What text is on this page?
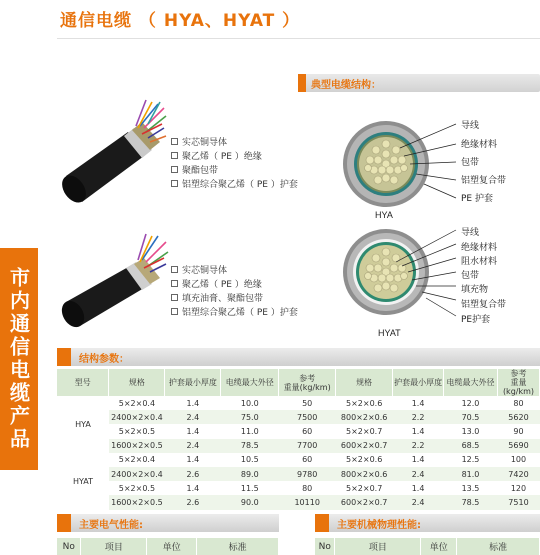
通信电缆 （ HYA、HYAT ）
市内通信电缆产品
实芯铜导体
聚乙烯（ PE ）绝缘
聚酯包带
铝塑综合聚乙烯（ PE ）护套
实芯铜导体
聚乙烯（ PE ）绝缘
填充油膏、聚酯包带
铝塑综合聚乙烯（ PE ）护套
典型电缆结构：
导线
绝缘材料
包带
铝塑复合带
PE 护套
HYA
导线
绝缘材料
阻水材料
包带
填充物
铝塑复合带
PE护套
HYAT
结构参数：
型号	规格	护套最小厚度	电缆最大外径	参考
重量(kg/km)	规格	护套最小厚度	电缆最大外径	参考
重量(kg/km)
HYA	5×2×0.4	1.4	10.0	50	5×2×0.6	1.4	12.0	80
	2400×2×0.4	2.4	75.0	7500	800×2×0.6	2.2	70.5	5620
	5×2×0.5	1.4	11.0	60	5×2×0.7	1.4	13.0	90
	1600×2×0.5	2.4	78.5	7700	600×2×0.7	2.2	68.5	5690
HYAT	5×2×0.4	1.4	10.5	60	5×2×0.6	1.4	12.5	100
	2400×2×0.4	2.6	89.0	9780	800×2×0.6	2.4	81.0	7420
	5×2×0.5	1.4	11.5	80	5×2×0.7	1.4	13.5	120
	1600×2×0.5	2.6	90.0	10110	600×2×0.7	2.4	78.5	7510
主要电气性能:
No	项目	单位	标准
主要机械物理性能:
No	项目	单位	标准
